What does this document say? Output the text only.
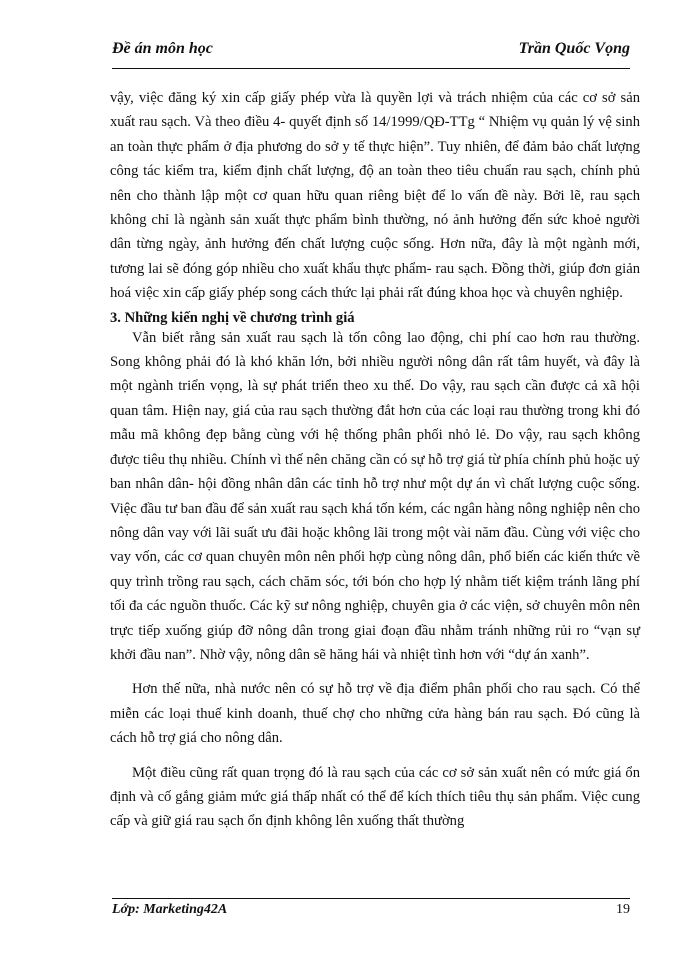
Đề án môn học	Trần Quốc Vọng

vậy, việc đăng ký xin cấp giấy phép vừa là quyền lợi và trách nhiệm của các cơ sở sản xuất rau sạch. Và theo điều 4- quyết định số 14/1999/QĐ-TTg “ Nhiệm vụ quản lý vệ sinh an toàn thực phẩm ở địa phương do sở y tế thực hiện”. Tuy nhiên, để đảm bảo chất lượng công tác kiểm tra, kiểm định chất lượng, độ an toàn theo tiêu chuẩn rau sạch, chính phủ nên cho thành lập một cơ quan hữu quan riêng biệt để lo vấn đề này. Bởi lẽ, rau sạch không chỉ là ngành sản xuất thực phẩm bình thường, nó ảnh hưởng đến sức khoẻ người dân từng ngày, ảnh hưởng đến chất lượng cuộc sống. Hơn nữa, đây là một ngành mới, tương lai sẽ đóng góp nhiều cho xuất khẩu thực phẩm- rau sạch. Đồng thời, giúp đơn giản hoá việc xin cấp giấy phép song cách thức lại phải rất đúng khoa học và chuyên nghiệp.

3. Những kiến nghị về chương trình giá

Vẫn biết rằng sản xuất rau sạch là tốn công lao động, chi phí cao hơn rau thường. Song không phải đó là khó khăn lớn, bởi nhiều người nông dân rất tâm huyết, và đây là một ngành triển vọng, là sự phát triển theo xu thế. Do vậy, rau sạch cần được cả xã hội quan tâm. Hiện nay, giá của rau sạch thường đắt hơn của các loại rau thường trong khi đó mẫu mã không đẹp bằng cùng với hệ thống phân phối nhỏ lẻ. Do vậy, rau sạch không được tiêu thụ nhiều. Chính vì thế nên chăng cần có sự hỗ trợ giá từ phía chính phủ hoặc uỷ ban nhân dân- hội đồng nhân dân các tỉnh hỗ trợ như một dự án vì chất lượng cuộc sống. Việc đầu tư ban đầu để sản xuất rau sạch khá tốn kém, các ngân hàng nông nghiệp nên cho nông dân vay với lãi suất ưu đãi hoặc không lãi trong một vài năm đầu. Cùng với việc cho vay vốn, các cơ quan chuyên môn nên phối hợp cùng nông dân, phổ biến các kiến thức về quy trình trồng rau sạch, cách chăm sóc, tới bón cho hợp lý nhằm tiết kiệm tránh lãng phí tối đa các nguồn thuốc. Các kỹ sư nông nghiệp, chuyên gia ở các viện, sở chuyên môn nên trực tiếp xuống giúp đỡ nông dân trong giai đoạn đầu nhằm tránh những rủi ro “vạn sự khởi đầu nan”. Nhờ vậy, nông dân sẽ hăng hái và nhiệt tình hơn với “dự án xanh”.

Hơn thế nữa, nhà nước nên có sự hỗ trợ về địa điểm phân phối cho rau sạch. Có thể miễn các loại thuế kinh doanh, thuế chợ cho những cửa hàng bán rau sạch. Đó cũng là cách hỗ trợ giá cho nông dân.

Một điều cũng rất quan trọng đó là rau sạch của các cơ sở sản xuất nên có mức giá ổn định và cố gắng giảm mức giá thấp nhất có thể để kích thích tiêu thụ sản phẩm. Việc cung cấp và giữ giá rau sạch ổn định không lên xuống thất thường

Lớp: Marketing42A	19
